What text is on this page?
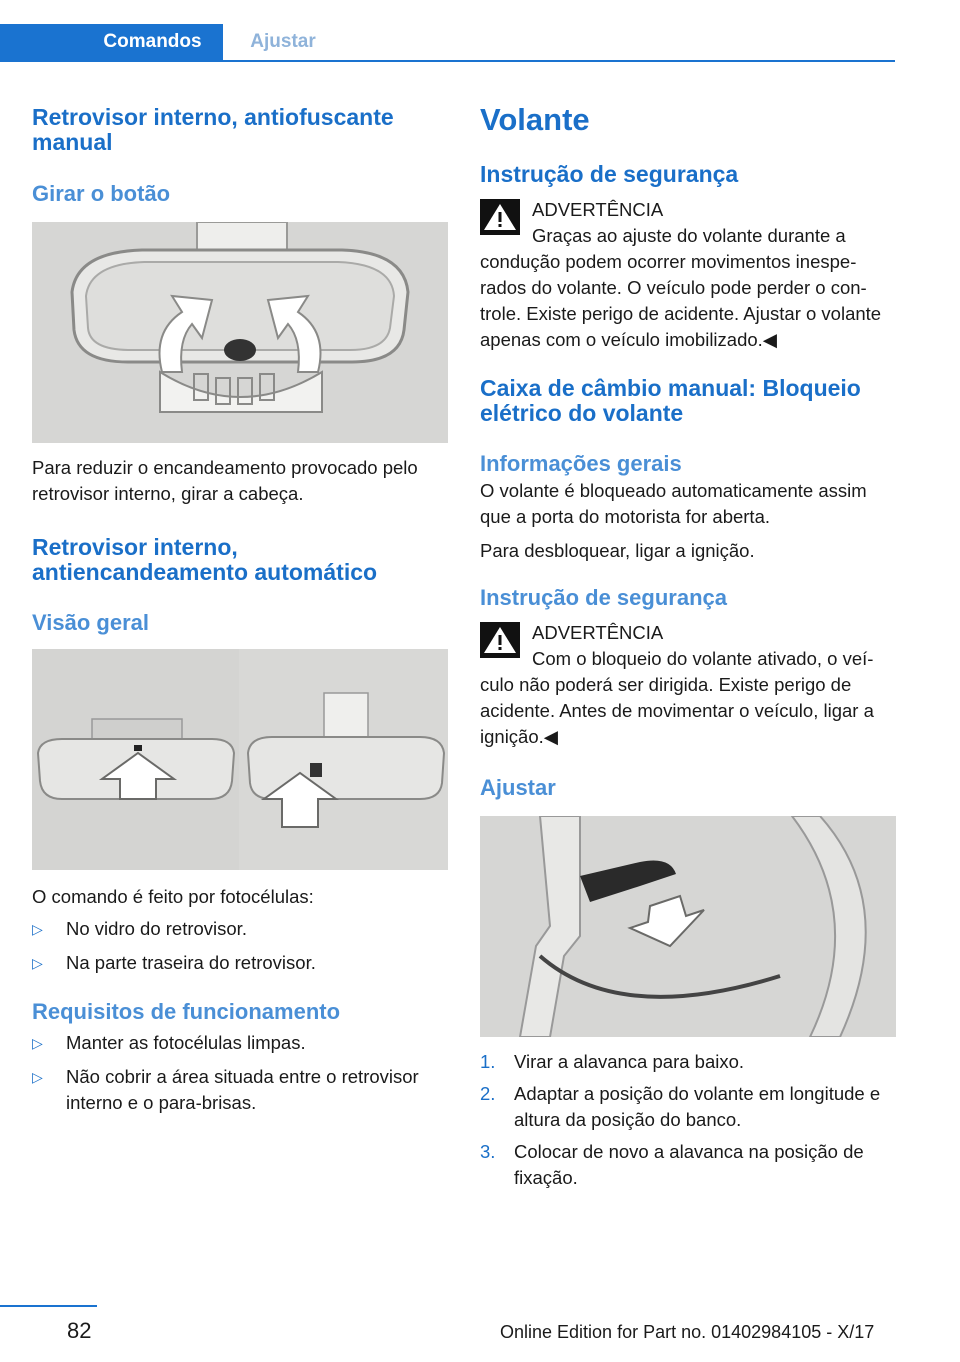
Comandos	Ajustar
Retrovisor interno, antiofuscante manual
Girar o botão

Para reduzir o encandeamento provocado pelo retrovisor interno, girar a cabeça.

Retrovisor interno, antiencandeamento automático
Visão geral

O comando é feito por fotocélulas:

▷ No vidro do retrovisor.
▷ Na parte traseira do retrovisor.
Requisitos de funcionamento
▷ Manter as fotocélulas limpas.
▷ Não cobrir a área situada entre o retrovisor interno e o para-brisas.
Volante
Instrução de segurança
ADVERTÊNCIA

Graças ao ajuste do volante durante a condução podem ocorrer movimentos inesperados do volante. O veículo pode perder o controle. Existe perigo de acidente. Ajustar o volante apenas com o veículo imobilizado.◀

Caixa de câmbio manual: Bloqueio elétrico do volante
Informações gerais

O volante é bloqueado automaticamente assim que a porta do motorista for aberta.

Para desbloquear, ligar a ignição.

Instrução de segurança
ADVERTÊNCIA

Com o bloqueio do volante ativado, o veículo não poderá ser dirigida. Existe perigo de acidente. Antes de movimentar o veículo, ligar a ignição.◀

Ajustar
1. Virar a alavanca para baixo.
2. Adaptar a posição do volante em longitude e altura da posição do banco.
3. Colocar de novo a alavanca na posição de fixação.
82	Online Edition for Part no. 01402984105 - X/17
